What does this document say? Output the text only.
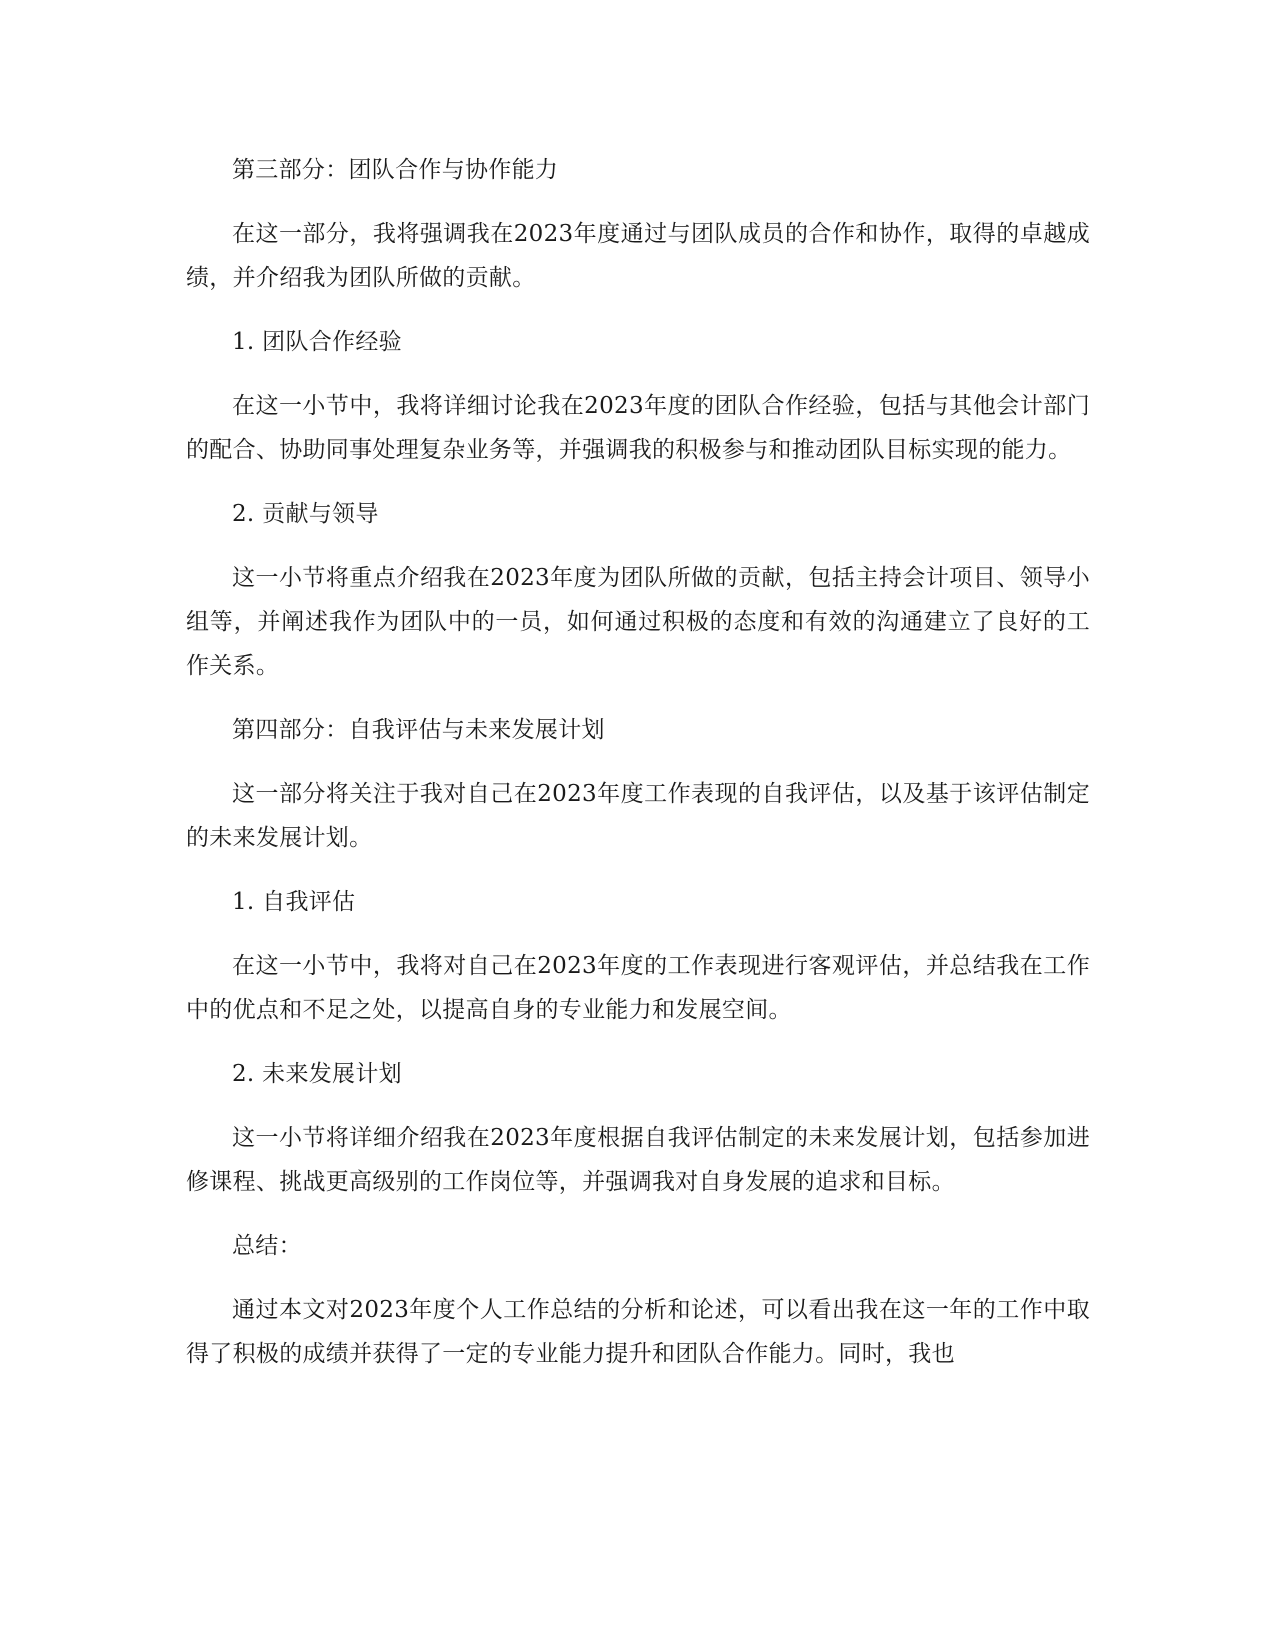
第三部分：团队合作与协作能力

在这一部分，我将强调我在2023年度通过与团队成员的合作和协作，取得的卓越成绩，并介绍我为团队所做的贡献。

1. 团队合作经验

在这一小节中，我将详细讨论我在2023年度的团队合作经验，包括与其他会计部门的配合、协助同事处理复杂业务等，并强调我的积极参与和推动团队目标实现的能力。

2. 贡献与领导

这一小节将重点介绍我在2023年度为团队所做的贡献，包括主持会计项目、领导小组等，并阐述我作为团队中的一员，如何通过积极的态度和有效的沟通建立了良好的工作关系。

第四部分：自我评估与未来发展计划

这一部分将关注于我对自己在2023年度工作表现的自我评估，以及基于该评估制定的未来发展计划。

1. 自我评估

在这一小节中，我将对自己在2023年度的工作表现进行客观评估，并总结我在工作中的优点和不足之处，以提高自身的专业能力和发展空间。

2. 未来发展计划

这一小节将详细介绍我在2023年度根据自我评估制定的未来发展计划，包括参加进修课程、挑战更高级别的工作岗位等，并强调我对自身发展的追求和目标。

总结：

通过本文对2023年度个人工作总结的分析和论述，可以看出我在这一年的工作中取得了积极的成绩并获得了一定的专业能力提升和团队合作能力。同时，我也
